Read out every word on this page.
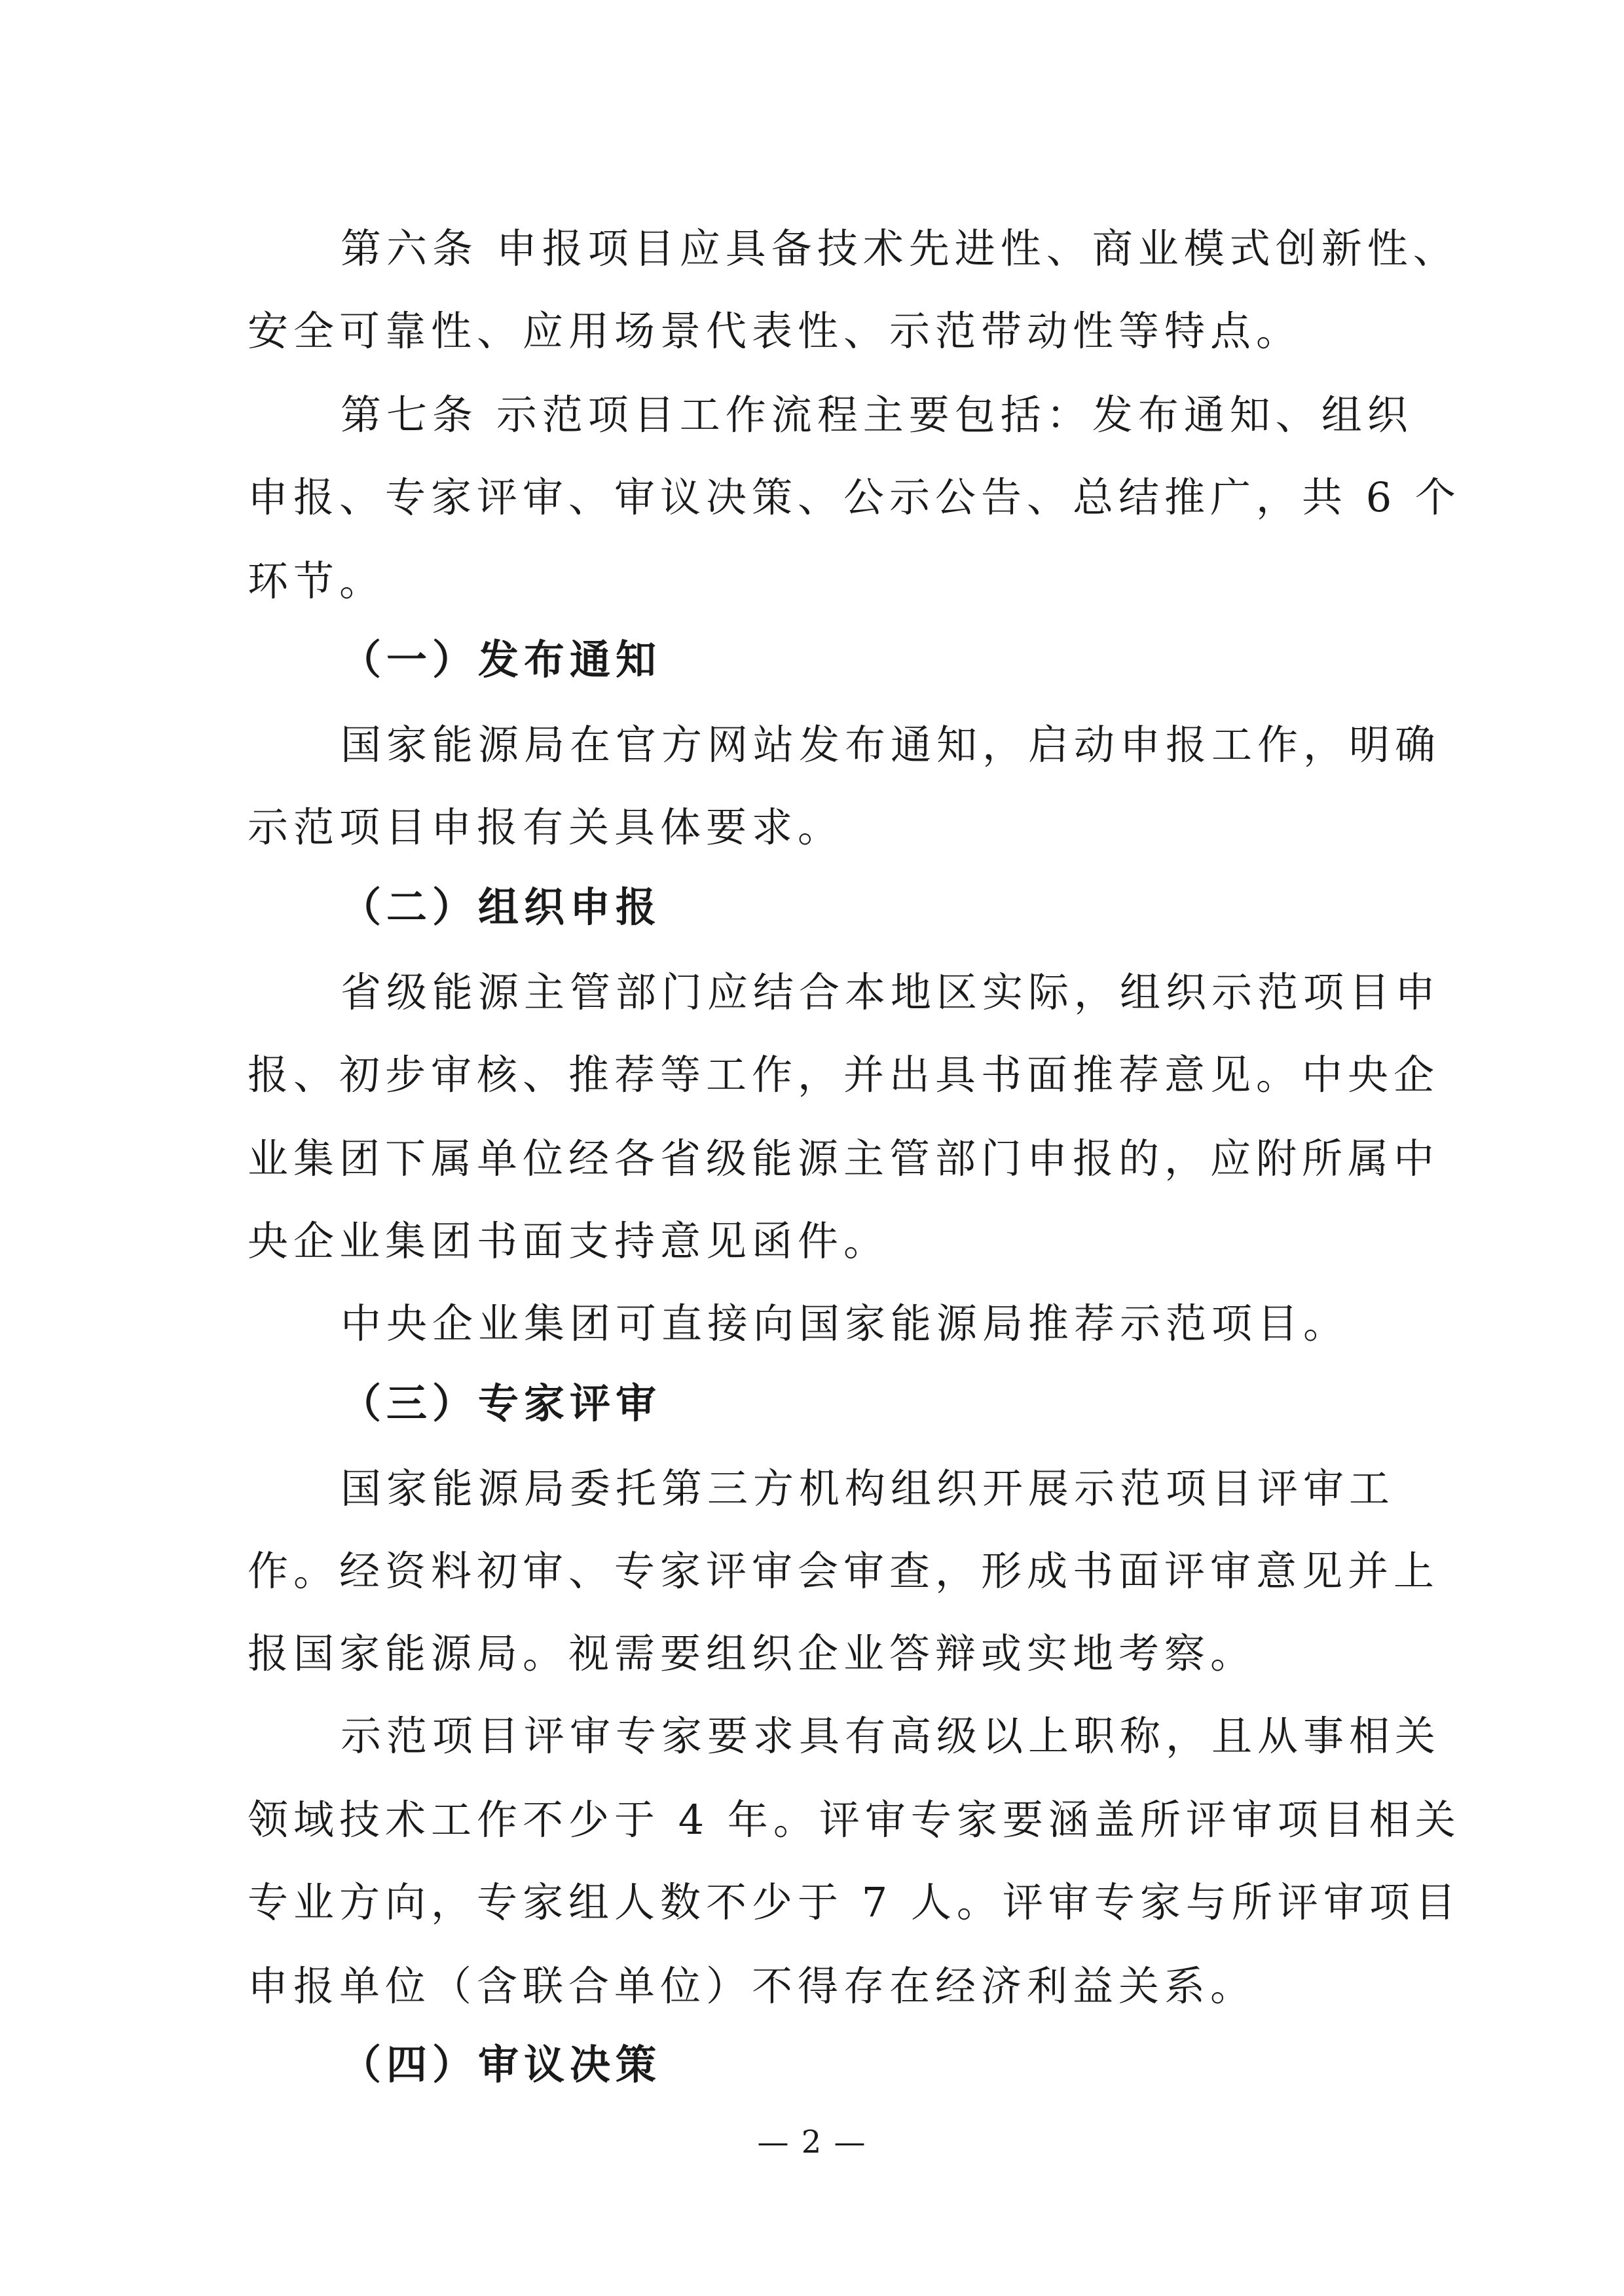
第六条 申报项目应具备技术先进性、商业模式创新性、

安全可靠性、应用场景代表性、示范带动性等特点。

第七条 示范项目工作流程主要包括：发布通知、组织

申报、专家评审、审议决策、公示公告、总结推广，共 6 个

环节。

（一）发布通知

国家能源局在官方网站发布通知，启动申报工作，明确

示范项目申报有关具体要求。

（二）组织申报

省级能源主管部门应结合本地区实际，组织示范项目申

报、初步审核、推荐等工作，并出具书面推荐意见。中央企

业集团下属单位经各省级能源主管部门申报的，应附所属中

央企业集团书面支持意见函件。

中央企业集团可直接向国家能源局推荐示范项目。

（三）专家评审

国家能源局委托第三方机构组织开展示范项目评审工

作。经资料初审、专家评审会审查，形成书面评审意见并上

报国家能源局。视需要组织企业答辩或实地考察。

示范项目评审专家要求具有高级以上职称，且从事相关

领域技术工作不少于 4 年。评审专家要涵盖所评审项目相关

专业方向，专家组人数不少于 7 人。评审专家与所评审项目

申报单位（含联合单位）不得存在经济利益关系。

（四）审议决策

— 2 —
